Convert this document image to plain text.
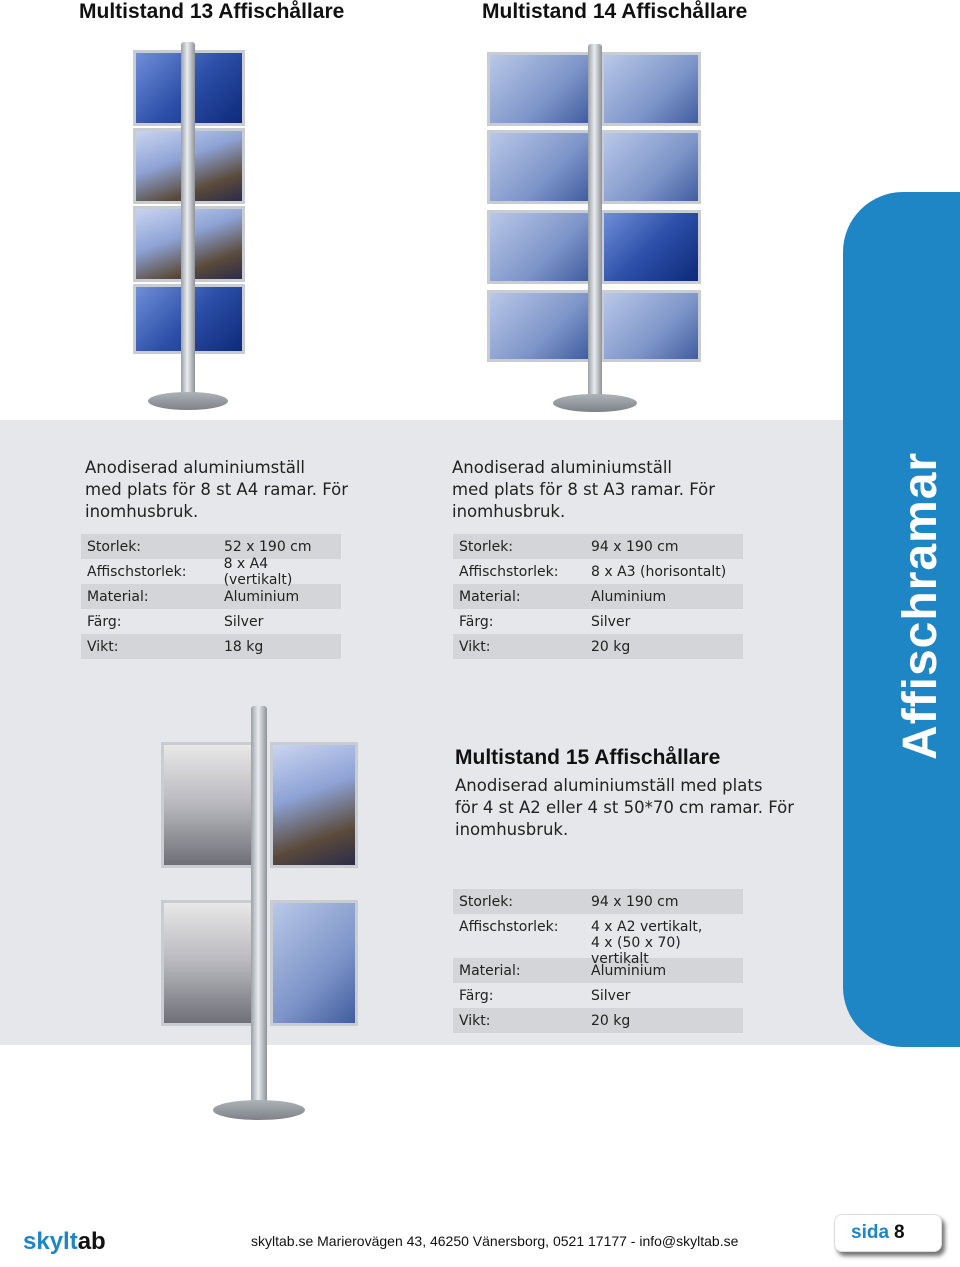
Affischramar
Multistand 13 Affischållare	Multistand 14 Affischållare
Anodiserad aluminiumställ
med plats för 8 st A4 ramar. För
inomhusbruk.
Storlek:	52 x 190 cm
Affischstorlek:	8 x A4 (vertikalt)
Material:	Aluminium
Färg:	Silver
Vikt:	18 kg
Anodiserad aluminiumställ
med plats för 8 st A3 ramar. För
inomhusbruk.
Storlek:	94 x 190 cm
Affischstorlek:	8 x A3 (horisontalt)
Material:	Aluminium
Färg:	Silver
Vikt:	20 kg
Multistand 15 Affischållare
Anodiserad aluminiumställ med plats
för 4 st A2 eller 4 st 50*70 cm ramar. För
inomhusbruk.
Storlek:	94 x 190 cm
Affischstorlek:	4 x A2 vertikalt,
4 x (50 x 70) vertikalt
Material:	Aluminium
Färg:	Silver
Vikt:	20 kg
skyltab	skyltab.se Marierovägen 43, 46250 Vänersborg, 0521 17177 - info@skyltab.se	sida 8
